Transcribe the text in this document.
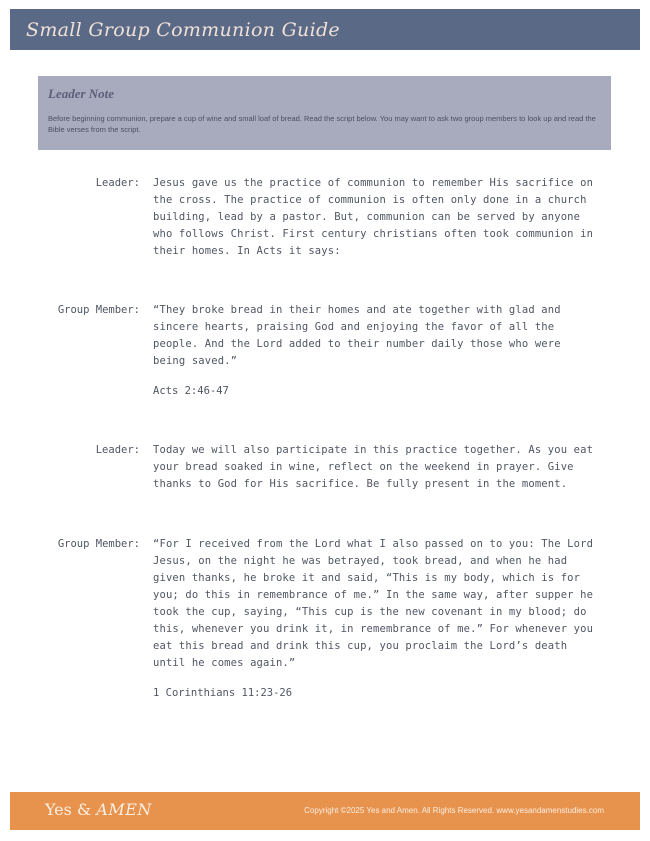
Small Group Communion Guide
Leader Note
Before beginning communion, prepare a cup of wine and small loaf of bread. Read the script below. You may want to ask two group members to look up and read the Bible verses from the script.
Leader: Jesus gave us the practice of communion to remember His sacrifice on
the cross. The practice of communion is often only done in a church
building, lead by a pastor. But, communion can be served by anyone
who follows Christ. First century christians often took communion in
their homes. In Acts it says:
Group Member: “They broke bread in their homes and ate together with glad and
sincere hearts, praising God and enjoying the favor of all the
people. And the Lord added to their number daily those who were
being saved.”
Acts 2:46-47
Leader: Today we will also participate in this practice together. As you eat
your bread soaked in wine, reflect on the weekend in prayer. Give
thanks to God for His sacrifice. Be fully present in the moment.
Group Member: “For I received from the Lord what I also passed on to you: The Lord
Jesus, on the night he was betrayed, took bread, and when he had
given thanks, he broke it and said, “This is my body, which is for
you; do this in remembrance of me.” In the same way, after supper he
took the cup, saying, “This cup is the new covenant in my blood; do
this, whenever you drink it, in remembrance of me.” For whenever you
eat this bread and drink this cup, you proclaim the Lord’s death
until he comes again.”
1 Corinthians 11:23-26
Yes & AMEN	Copyright ©2025 Yes and Amen. All Rights Reserved. www.yesandamenstudies.com
